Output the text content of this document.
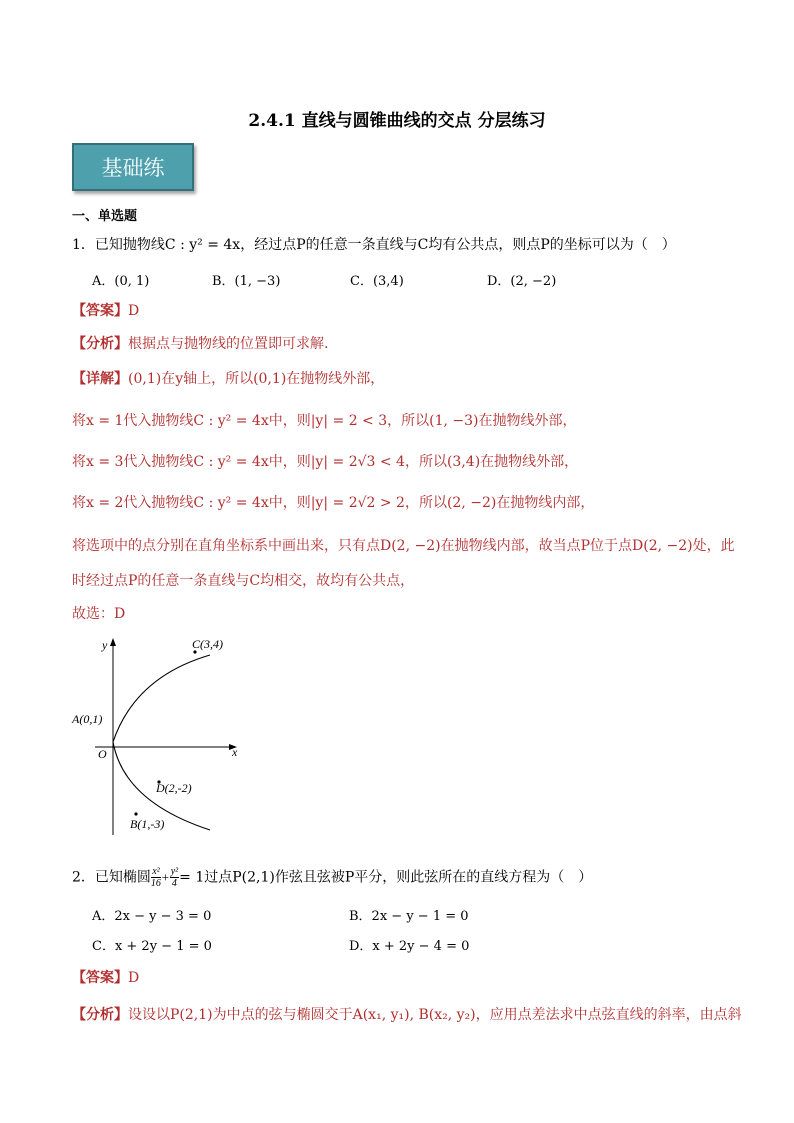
2.4.1 直线与圆锥曲线的交点 分层练习
基础练
一、单选题
1．已知抛物线C : y² = 4x，经过点P的任意一条直线与C均有公共点，则点P的坐标可以为（　）
A．(0, 1)	B．(1, −3)	C．(3,4)	D．(2, −2)
【答案】D
【分析】根据点与抛物线的位置即可求解.
【详解】(0,1)在y轴上，所以(0,1)在抛物线外部，
将x = 1代入抛物线C : y² = 4x中，则|y| = 2 < 3，所以(1, −3)在抛物线外部，
将x = 3代入抛物线C : y² = 4x中，则|y| = 2√3 < 4，所以(3,4)在抛物线外部，
将x = 2代入抛物线C : y² = 4x中，则|y| = 2√2 > 2，所以(2, −2)在抛物线内部，
将选项中的点分别在直角坐标系中画出来，只有点D(2, −2)在抛物线内部，故当点P位于点D(2, −2)处，此
时经过点P的任意一条直线与C均相交，故均有公共点，
故选：D
y
x
O
C(3,4)
A(0,1)
D(2,-2)
B(1,-3)
2．已知椭圆 $\frac{\text{x²}}{16} + \frac{\text{y²}}{4} = 1$过点P(2,1)作弦且弦被P平分，则此弦所在的直线方程为（　）
A．2x − y − 3 = 0	B．2x − y − 1 = 0
C．x + 2y − 1 = 0	D．x + 2y − 4 = 0
【答案】D
【分析】设设以P(2,1)为中点的弦与椭圆交于A(x₁, y₁), B(x₂, y₂)，应用点差法求中点弦直线的斜率，由点斜
